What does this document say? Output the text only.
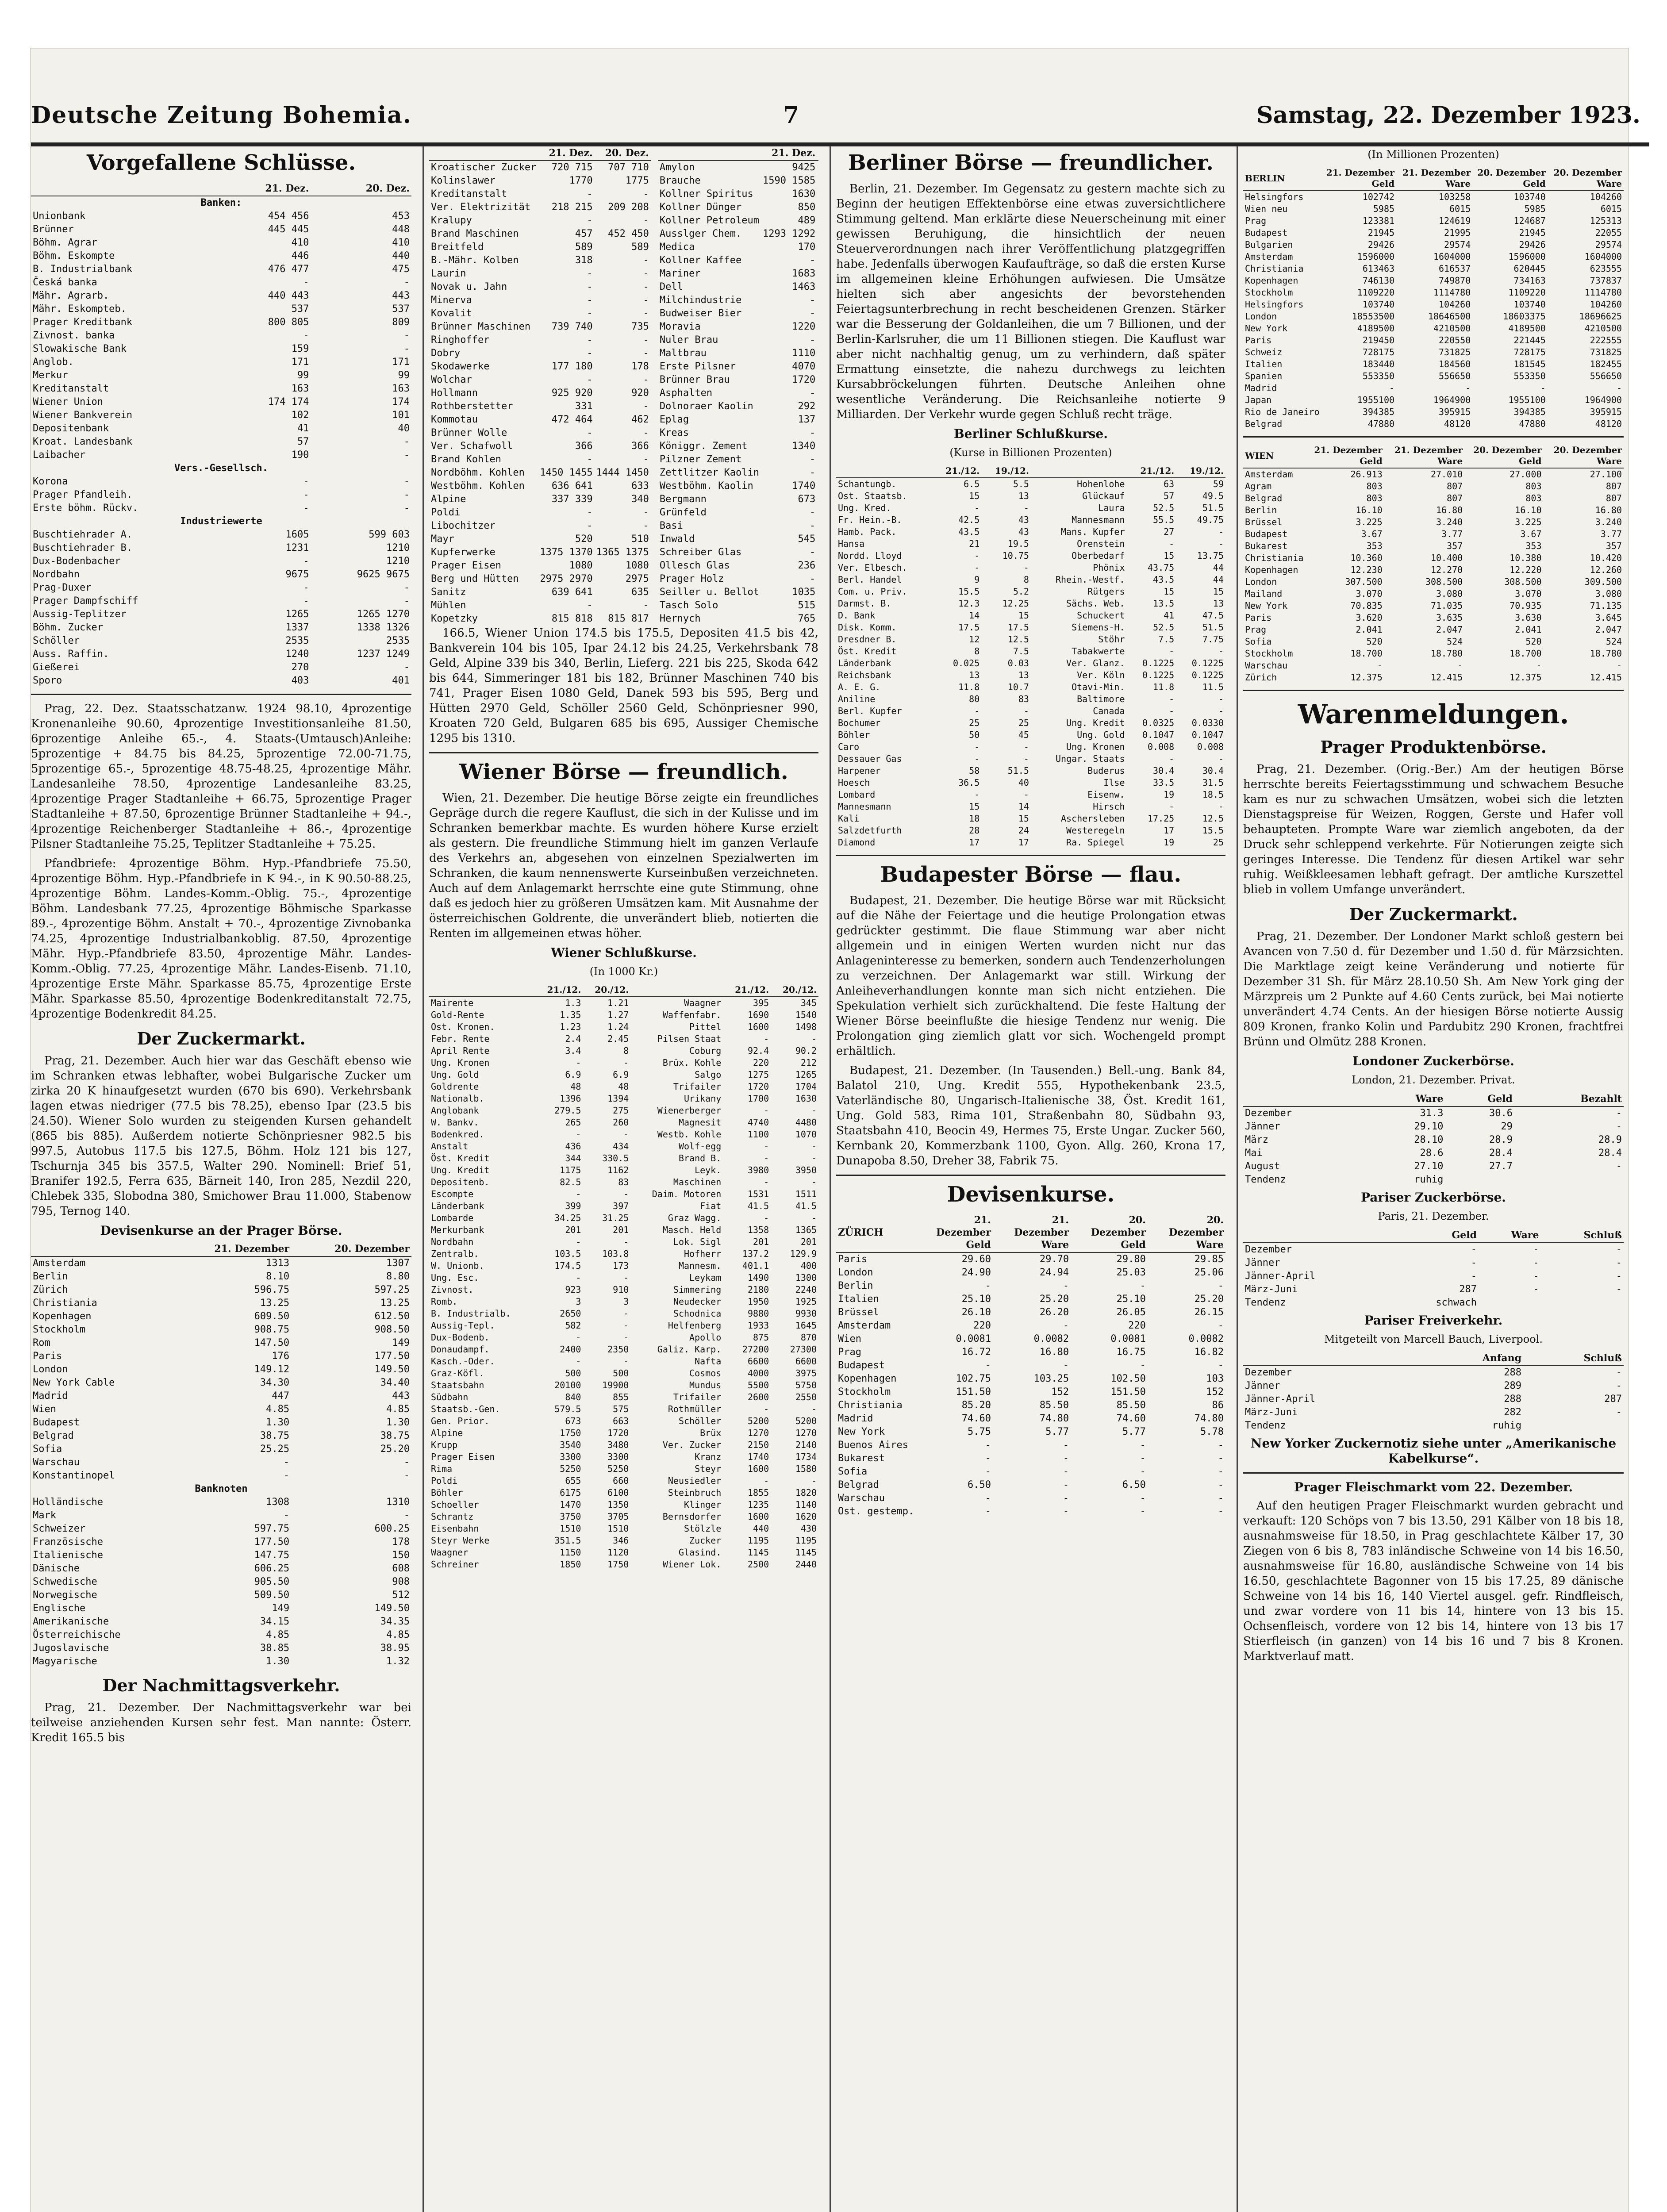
Deutsche Zeitung Bohemia.	7	Samstag, 22. Dezember 1923.
Vorgefallene Schlüsse.
	21. Dez.	20. Dez.
Banken:		
Unionbank	454 456	453
Brünner	445 445	448
Böhm. Agrar	410	410
Böhm. Eskompte	446	440
B. Industrialbank	476 477	475
Česká banka	-	-
Mähr. Agrarb.	440 443	443
Mähr. Eskompteb.	537	537
Prager Kreditbank	800 805	809
Zivnost. banka	-	-
Slowakische Bank	159	-
Anglob.	171	171
Merkur	99	99
Kreditanstalt	163	163
Wiener Union	174 174	174
Wiener Bankverein	102	101
Depositenbank	41	40
Kroat. Landesbank	57	-
Laibacher	190	-
Vers.-Gesellsch.		
Korona	-	-
Prager Pfandleih.	-	-
Erste böhm. Rückv.	-	-
Industriewerte		
Buschtiehrader A.	1605	599 603
Buschtiehrader B.	1231	1210
Dux-Bodenbacher	-	1210
Nordbahn	9675	9625 9675
Prag-Duxer	-	-
Prager Dampfschiff	-	-
Aussig-Teplitzer	1265	1265 1270
Böhm. Zucker	1337	1338 1326
Schöller	2535	2535
Auss. Raffin.	1240	1237 1249
Gießerei	270	-
Sporo	403	401

Prag, 22. Dez. Staatsschatzanw. 1924 98.10, 4prozentige Kronenanleihe 90.60, 4prozentige Investitionsanleihe 81.50, 6prozentige Anleihe 65.-, 4. Staats-(Umtausch)Anleihe: 5prozentige + 84.75 bis 84.25, 5prozentige 72.00-71.75, 5prozentige 65.-, 5prozentige 48.75-48.25, 4prozentige Mähr. Landesanleihe 78.50, 4prozentige Landesanleihe 83.25, 4prozentige Prager Stadtanleihe + 66.75, 5prozentige Prager Stadtanleihe + 87.50, 6prozentige Brünner Stadtanleihe + 94.-, 4prozentige Reichenberger Stadtanleihe + 86.-, 4prozentige Pilsner Stadtanleihe 75.25, Teplitzer Stadtanleihe + 75.25.

Pfandbriefe: 4prozentige Böhm. Hyp.-Pfandbriefe 75.50, 4prozentige Böhm. Hyp.-Pfandbriefe in K 94.-, in K 90.50-88.25, 4prozentige Böhm. Landes-Komm.-Oblig. 75.-, 4prozentige Böhm. Landesbank 77.25, 4prozentige Böhmische Sparkasse 89.-, 4prozentige Böhm. Anstalt + 70.-, 4prozentige Zivnobanka 74.25, 4prozentige Industrialbankoblig. 87.50, 4prozentige Mähr. Hyp.-Pfandbriefe 83.50, 4prozentige Mähr. Landes-Komm.-Oblig. 77.25, 4prozentige Mähr. Landes-Eisenb. 71.10, 4prozentige Erste Mähr. Sparkasse 85.75, 4prozentige Erste Mähr. Sparkasse 85.50, 4prozentige Bodenkreditanstalt 72.75, 4prozentige Bodenkredit 84.25.

Der Zuckermarkt.

Prag, 21. Dezember. Auch hier war das Geschäft ebenso wie im Schranken etwas lebhafter, wobei Bulgarische Zucker um zirka 20 K hinaufgesetzt wurden (670 bis 690). Verkehrsbank lagen etwas niedriger (77.5 bis 78.25), ebenso Ipar (23.5 bis 24.50). Wiener Solo wurden zu steigenden Kursen gehandelt (865 bis 885). Außerdem notierte Schönpriesner 982.5 bis 997.5, Autobus 117.5 bis 127.5, Böhm. Holz 121 bis 127, Tschurnja 345 bis 357.5, Walter 290. Nominell: Brief 51, Branifer 192.5, Ferra 635, Bärneit 140, Iron 285, Nezdil 220, Chlebek 335, Slobodna 380, Smichower Brau 11.000, Stabenow 795, Ternog 140.

Devisenkurse an der Prager Börse.
	21. Dezember	20. Dezember
Amsterdam	1313	1307
Berlin	8.10	8.80
Zürich	596.75	597.25
Christiania	13.25	13.25
Kopenhagen	609.50	612.50
Stockholm	908.75	908.50
Rom	147.50	149
Paris	176	177.50
London	149.12	149.50
New York Cable	34.30	34.40
Madrid	447	443
Wien	4.85	4.85
Budapest	1.30	1.30
Belgrad	38.75	38.75
Sofia	25.25	25.20
Warschau	-	-
Konstantinopel	-	-
Banknoten		
Holländische	1308	1310
Mark	-	-
Schweizer	597.75	600.25
Französische	177.50	178
Italienische	147.75	150
Dänische	606.25	608
Schwedische	905.50	908
Norwegische	509.50	512
Englische	149	149.50
Amerikanische	34.15	34.35
Österreichische	4.85	4.85
Jugoslavische	38.85	38.95
Magyarische	1.30	1.32
Der Nachmittagsverkehr.

Prag, 21. Dezember. Der Nachmittagsverkehr war bei teilweise anziehenden Kursen sehr fest. Man nannte: Österr. Kredit 165.5 bis

	21. Dez.	20. Dez.
Kroatischer Zucker	720 715	707 710
Kolinslawer	1770	1775
Kreditanstalt	-	-
Ver. Elektrizität	218 215	209 208
Kralupy	-	-
Brand Maschinen	457	452 450
Breitfeld	589	589
B.-Mähr. Kolben	318	-
Laurin	-	-
Novak u. Jahn	-	-
Minerva	-	-
Kovalit	-	-
Brünner Maschinen	739 740	735
Ringhoffer	-	-
Dobry	-	-
Skodawerke	177 180	178
Wolchar	-	-
Hollmann	925 920	920
Rothberstetter	331	-
Kommotau	472 464	462
Brünner Wolle	-	-
Ver. Schafwoll	366	366
Brand Kohlen	-	-
Nordböhm. Kohlen	1450 1455	1444 1450
Westböhm. Kohlen	636 641	633
Alpine	337 339	340
Poldi	-	-
Libochitzer	-	-
Mayr	520	510
Kupferwerke	1375 1370	1365 1375
Prager Eisen	1080	1080
Berg und Hütten	2975 2970	2975
Sanitz	639 641	635
Mühlen	-	-
Kopetzky	815 818	815 817
	21. Dez.	
Amylon	9425	
Brauche	1590 1585	
Kollner Spiritus	1630	
Kollner Dünger	850	
Kollner Petroleum	489	
Ausslger Chem.	1293 1292	
Medica	170	
Kollner Kaffee	-	
Mariner	1683	
Dell	1463	
Milchindustrie	-	
Budweiser Bier	-	
Moravia	1220	
Nuler Brau	-	
Maltbrau	1110	
Erste Pilsner	4070	
Brünner Brau	1720	
Asphalten	-	
Dolnoraer Kaolin	292	
Eplag	137	
Kreas	-	
Königgr. Zement	1340	
Pilzner Zement	-	
Zettlitzer Kaolin	-	
Westböhm. Kaolin	1740	
Bergmann	673	
Grünfeld	-	
Basi	-	
Inwald	545	
Schreiber Glas	-	
Ollesch Glas	236	
Prager Holz	-	
Seiller u. Bellot	1035	
Tasch Solo	515	
Hernych	765	

166.5, Wiener Union 174.5 bis 175.5, Depositen 41.5 bis 42, Bankverein 104 bis 105, Ipar 24.12 bis 24.25, Verkehrsbank 78 Geld, Alpine 339 bis 340, Berlin, Lieferg. 221 bis 225, Skoda 642 bis 644, Simmeringer 181 bis 182, Brünner Maschinen 740 bis 741, Prager Eisen 1080 Geld, Danek 593 bis 595, Berg und Hütten 2970 Geld, Schöller 2560 Geld, Schönpriesner 990, Kroaten 720 Geld, Bulgaren 685 bis 695, Aussiger Chemische 1295 bis 1310.

Wiener Börse — freundlich.

Wien, 21. Dezember. Die heutige Börse zeigte ein freundliches Gepräge durch die regere Kauflust, die sich in der Kulisse und im Schranken bemerkbar machte. Es wurden höhere Kurse erzielt als gestern. Die freundliche Stimmung hielt im ganzen Verlaufe des Verkehrs an, abgesehen von einzelnen Spezialwerten im Schranken, die kaum nennenswerte Kurseinbußen verzeichneten. Auch auf dem Anlagemarkt herrschte eine gute Stimmung, ohne daß es jedoch hier zu größeren Umsätzen kam. Mit Ausnahme der österreichischen Goldrente, die unverändert blieb, notierten die Renten im allgemeinen etwas höher.

Wiener Schlußkurse.
(In 1000 Kr.)
	21./12.	20./12.		21./12.	20./12.
Mairente	1.3	1.21	Waagner	395	345
Gold-Rente	1.35	1.27	Waffenfabr.	1690	1540
Ost. Kronen.	1.23	1.24	Pittel	1600	1498
Febr. Rente	2.4	2.45	Pilsen Staat	-	-
April Rente	3.4	8	Coburg	92.4	90.2
Ung. Kronen	-	-	Brüx. Kohle	220	212
Ung. Gold	6.9	6.9	Salgo	1275	1265
Goldrente	48	48	Trifailer	1720	1704
Nationalb.	1396	1394	Urikany	1700	1630
Anglobank	279.5	275	Wienerberger	-	-
W. Bankv.	265	260	Magnesit	4740	4480
Bodenkred.	-	-	Westb. Kohle	1100	1070
Anstalt	436	434	Wolf-egg	-	-
Öst. Kredit	344	330.5	Brand B.	-	-
Ung. Kredit	1175	1162	Leyk.	3980	3950
Depositenb.	82.5	83	Maschinen	-	-
Escompte	-	-	Daim. Motoren	1531	1511
Länderbank	399	397	Fiat	41.5	41.5
Lombarde	34.25	31.25	Graz Wagg.	-	-
Merkurbank	201	201	Masch. Held	1358	1365
Nordbahn	-	-	Lok. Sigl	201	201
Zentralb.	103.5	103.8	Hofherr	137.2	129.9
W. Unionb.	174.5	173	Mannesm.	401.1	400
Ung. Esc.	-	-	Leykam	1490	1300
Zivnost.	923	910	Simmering	2180	2240
Romb.	3	3	Neudecker	1950	1925
B. Industrialb.	2650	-	Schodnica	9880	9930
Aussig-Tepl.	582	-	Helfenberg	1933	1645
Dux-Bodenb.	-	-	Apollo	875	870
Donaudampf.	2400	2350	Galiz. Karp.	27200	27300
Kasch.-Oder.	-	-	Nafta	6600	6600
Graz-Köfl.	500	500	Cosmos	4000	3975
Staatsbahn	20100	19900	Mundus	5500	5750
Südbahn	840	855	Trifailer	2600	2550
Staatsb.-Gen.	579.5	575	Rothmüller	-	-
Gen. Prior.	673	663	Schöller	5200	5200
Alpine	1750	1720	Brüx	1270	1270
Krupp	3540	3480	Ver. Zucker	2150	2140
Prager Eisen	3300	3300	Kranz	1740	1734
Rima	5250	5250	Steyr	1600	1580
Poldi	655	660	Neusiedler	-	-
Böhler	6175	6100	Steinbruch	1855	1820
Schoeller	1470	1350	Klinger	1235	1140
Schrantz	3750	3705	Bernsdorfer	1600	1620
Eisenbahn	1510	1510	Stölzle	440	430
Steyr Werke	351.5	346	Zucker	1195	1195
Waagner	1150	1120	Glasind.	1145	1145
Schreiner	1850	1750	Wiener Lok.	2500	2440
Berliner Börse — freundlicher.

Berlin, 21. Dezember. Im Gegensatz zu gestern machte sich zu Beginn der heutigen Effektenbörse eine etwas zuversichtlichere Stimmung geltend. Man erklärte diese Neuerscheinung mit einer gewissen Beruhigung, die hinsichtlich der neuen Steuerverordnungen nach ihrer Veröffentlichung platzgegriffen habe. Jedenfalls überwogen Kaufaufträge, so daß die ersten Kurse im allgemeinen kleine Erhöhungen aufwiesen. Die Umsätze hielten sich aber angesichts der bevorstehenden Feiertagsunterbrechung in recht bescheidenen Grenzen. Stärker war die Besserung der Goldanleihen, die um 7 Billionen, und der Berlin-Karlsruher, die um 11 Billionen stiegen. Die Kauflust war aber nicht nachhaltig genug, um zu verhindern, daß später Ermattung einsetzte, die nahezu durchwegs zu leichten Kursabbröckelungen führten. Deutsche Anleihen ohne wesentliche Veränderung. Die Reichsanleihe notierte 9 Milliarden. Der Verkehr wurde gegen Schluß recht träge.

Berliner Schlußkurse.
(Kurse in Billionen Prozenten)
	21./12.	19./12.		21./12.	19./12.
Schantungb.	6.5	5.5	Hohenlohe	63	59
Ost. Staatsb.	15	13	Glückauf	57	49.5
Ung. Kred.	-	-	Laura	52.5	51.5
Fr. Hein.-B.	42.5	43	Mannesmann	55.5	49.75
Hamb. Pack.	43.5	43	Mans. Kupfer	27	-
Hansa	21	19.5	Orenstein	-	-
Nordd. Lloyd	-	10.75	Oberbedarf	15	13.75
Ver. Elbesch.	-	-	Phönix	43.75	44
Berl. Handel	9	8	Rhein.-Westf.	43.5	44
Com. u. Priv.	15.5	5.2	Rütgers	15	15
Darmst. B.	12.3	12.25	Sächs. Web.	13.5	13
D. Bank	14	15	Schuckert	41	47.5
Disk. Komm.	17.5	17.5	Siemens-H.	52.5	51.5
Dresdner B.	12	12.5	Stöhr	7.5	7.75
Öst. Kredit	8	7.5	Tabakwerte	-	-
Länderbank	0.025	0.03	Ver. Glanz.	0.1225	0.1225
Reichsbank	13	13	Ver. Köln	0.1225	0.1225
A. E. G.	11.8	10.7	Otavi-Min.	11.8	11.5
Aniline	80	83	Baltimore	-	-
Berl. Kupfer	-	-	Canada	-	-
Bochumer	25	25	Ung. Kredit	0.0325	0.0330
Böhler	50	45	Ung. Gold	0.1047	0.1047
Caro	-	-	Ung. Kronen	0.008	0.008
Dessauer Gas	-	-	Ungar. Staats	-	-
Harpener	58	51.5	Buderus	30.4	30.4
Hoesch	36.5	40	Ilse	33.5	31.5
Lombard	-	-	Eisenw.	19	18.5
Mannesmann	15	14	Hirsch	-	-
Kali	18	15	Aschersleben	17.25	12.5
Salzdetfurth	28	24	Westeregeln	17	15.5
Diamond	17	17	Ra. Spiegel	19	25
Budapester Börse — flau.

Budapest, 21. Dezember. Die heutige Börse war mit Rücksicht auf die Nähe der Feiertage und die heutige Prolongation etwas gedrückter gestimmt. Die flaue Stimmung war aber nicht allgemein und in einigen Werten wurden nicht nur das Anlageninteresse zu bemerken, sondern auch Tendenzerholungen zu verzeichnen. Der Anlagemarkt war still. Wirkung der Anleiheverhandlungen konnte man sich nicht entziehen. Die Spekulation verhielt sich zurückhaltend. Die feste Haltung der Wiener Börse beeinflußte die hiesige Tendenz nur wenig. Die Prolongation ging ziemlich glatt vor sich. Wochengeld prompt erhältlich.

Budapest, 21. Dezember. (In Tausenden.) Bell.-ung. Bank 84, Balatol 210, Ung. Kredit 555, Hypothekenbank 23.5, Vaterländische 80, Ungarisch-Italienische 38, Öst. Kredit 161, Ung. Gold 583, Rima 101, Straßenbahn 80, Südbahn 93, Staatsbahn 410, Beocin 49, Hermes 75, Erste Ungar. Zucker 560, Kernbank 20, Kommerzbank 1100, Gyon. Allg. 260, Krona 17, Dunapoba 8.50, Dreher 38, Fabrik 75.

Devisenkurse.
ZÜRICH	21. Dezember Geld	21. Dezember Ware	20. Dezember Geld	20. Dezember Ware
Paris	29.60	29.70	29.80	29.85
London	24.90	24.94	25.03	25.06
Berlin	-	-	-	-
Italien	25.10	25.20	25.10	25.20
Brüssel	26.10	26.20	26.05	26.15
Amsterdam	220	-	220	-
Wien	0.0081	0.0082	0.0081	0.0082
Prag	16.72	16.80	16.75	16.82
Budapest	-	-	-	-
Kopenhagen	102.75	103.25	102.50	103
Stockholm	151.50	152	151.50	152
Christiania	85.20	85.50	85.50	86
Madrid	74.60	74.80	74.60	74.80
New York	5.75	5.77	5.77	5.78
Buenos Aires	-	-	-	-
Bukarest	-	-	-	-
Sofia	-	-	-	-
Belgrad	6.50	-	6.50	-
Warschau	-	-	-	-
Ost. gestemp.	-	-	-	-
(In Millionen Prozenten)
BERLIN	21. Dezember Geld	21. Dezember Ware	20. Dezember Geld	20. Dezember Ware
Helsingfors	102742	103258	103740	104260
Wien neu	5985	6015	5985	6015
Prag	123381	124619	124687	125313
Budapest	21945	21995	21945	22055
Bulgarien	29426	29574	29426	29574
Amsterdam	1596000	1604000	1596000	1604000
Christiania	613463	616537	620445	623555
Kopenhagen	746130	749870	734163	737837
Stockholm	1109220	1114780	1109220	1114780
Helsingfors	103740	104260	103740	104260
London	18553500	18646500	18603375	18696625
New York	4189500	4210500	4189500	4210500
Paris	219450	220550	221445	222555
Schweiz	728175	731825	728175	731825
Italien	183440	184560	181545	182455
Spanien	553350	556650	553350	556650
Madrid	-	-	-	-
Japan	1955100	1964900	1955100	1964900
Rio de Janeiro	394385	395915	394385	395915
Belgrad	47880	48120	47880	48120
WIEN	21. Dezember Geld	21. Dezember Ware	20. Dezember Geld	20. Dezember Ware
Amsterdam	26.913	27.010	27.000	27.100
Agram	803	807	803	807
Belgrad	803	807	803	807
Berlin	16.10	16.80	16.10	16.80
Brüssel	3.225	3.240	3.225	3.240
Budapest	3.67	3.77	3.67	3.77
Bukarest	353	357	353	357
Christiania	10.360	10.400	10.380	10.420
Kopenhagen	12.230	12.270	12.220	12.260
London	307.500	308.500	308.500	309.500
Mailand	3.070	3.080	3.070	3.080
New York	70.835	71.035	70.935	71.135
Paris	3.620	3.635	3.630	3.645
Prag	2.041	2.047	2.041	2.047
Sofia	520	524	520	524
Stockholm	18.700	18.780	18.700	18.780
Warschau	-	-	-	-
Zürich	12.375	12.415	12.375	12.415
Warenmeldungen.
Prager Produktenbörse.

Prag, 21. Dezember. (Orig.-Ber.) Am der heutigen Börse herrschte bereits Feiertagsstimmung und schwachem Besuche kam es nur zu schwachen Umsätzen, wobei sich die letzten Dienstagspreise für Weizen, Roggen, Gerste und Hafer voll behaupteten. Prompte Ware war ziemlich angeboten, da der Druck sehr schleppend verkehrte. Für Notierungen zeigte sich geringes Interesse. Die Tendenz für diesen Artikel war sehr ruhig. Weißkleesamen lebhaft gefragt. Der amtliche Kurszettel blieb in vollem Umfange unverändert.

Der Zuckermarkt.

Prag, 21. Dezember. Der Londoner Markt schloß gestern bei Avancen von 7.50 d. für Dezember und 1.50 d. für Märzsichten. Die Marktlage zeigt keine Veränderung und notierte für Dezember 31 Sh. für März 28.10.50 Sh. Am New York ging der Märzpreis um 2 Punkte auf 4.60 Cents zurück, bei Mai notierte unverändert 4.74 Cents. An der hiesigen Börse notierte Aussig 809 Kronen, franko Kolin und Pardubitz 290 Kronen, frachtfrei Brünn und Olmütz 288 Kronen.

Londoner Zuckerbörse.
London, 21. Dezember. Privat.
	Ware	Geld	Bezahlt
Dezember	31.3	30.6	-
Jänner	29.10	29	-
März	28.10	28.9	28.9
Mai	28.6	28.4	28.4
August	27.10	27.7	-
Tendenz	ruhig		
Pariser Zuckerbörse.
Paris, 21. Dezember.
	Geld	Ware	Schluß
Dezember	-	-	-
Jänner	-	-	-
Jänner-April	-	-	-
März-Juni	287	-	-
Tendenz	schwach		
Pariser Freiverkehr.
Mitgeteilt von Marcell Bauch, Liverpool.
	Anfang	Schluß
Dezember	288	-
Jänner	289	-
Jänner-April	288	287
März-Juni	282	-
Tendenz	ruhig	
New Yorker Zuckernotiz siehe unter „Amerikanische Kabelkurse“.
Prager Fleischmarkt vom 22. Dezember.

Auf den heutigen Prager Fleischmarkt wurden gebracht und verkauft: 120 Schöps von 7 bis 13.50, 291 Kälber von 18 bis 18, ausnahmsweise für 18.50, in Prag geschlachtete Kälber 17, 30 Ziegen von 6 bis 8, 783 inländische Schweine von 14 bis 16.50, ausnahmsweise für 16.80, ausländische Schweine von 14 bis 16.50, geschlachtete Bagonner von 15 bis 17.25, 89 dänische Schweine von 14 bis 16, 140 Viertel ausgel. gefr. Rindfleisch, und zwar vordere von 11 bis 14, hintere von 13 bis 15. Ochsenfleisch, vordere von 12 bis 14, hintere von 13 bis 17 Stierfleisch (in ganzen) von 14 bis 16 und 7 bis 8 Kronen. Marktverlauf matt.
